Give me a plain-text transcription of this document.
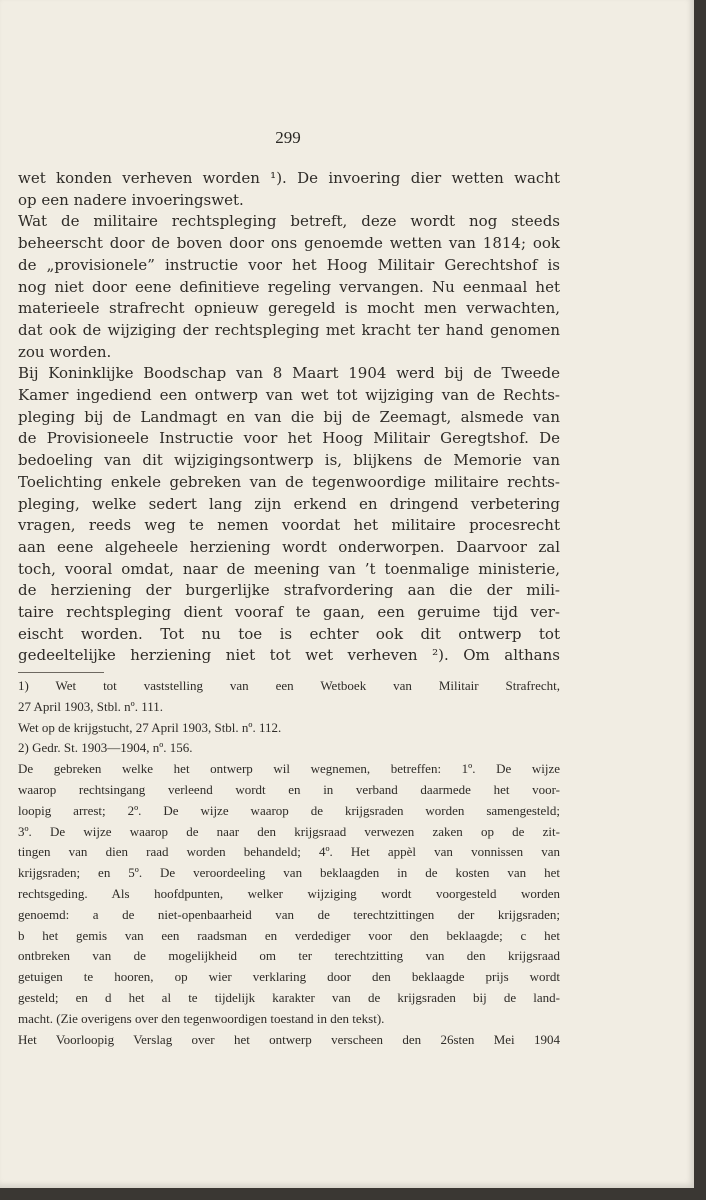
299
wet konden verheven worden ¹). De invoering dier wetten wacht
op een nadere invoeringswet.
Wat de militaire rechtspleging betreft, deze wordt nog steeds
beheerscht door de boven door ons genoemde wetten van 1814; ook
de „provisionele” instructie voor het Hoog Militair Gerechtshof is
nog niet door eene definitieve regeling vervangen. Nu eenmaal het
materieele strafrecht opnieuw geregeld is mocht men verwachten,
dat ook de wijziging der rechtspleging met kracht ter hand genomen
zou worden.
Bij Koninklijke Boodschap van 8 Maart 1904 werd bij de Tweede
Kamer ingediend een ontwerp van wet tot wijziging van de Rechts-
pleging bij de Landmagt en van die bij de Zeemagt, alsmede van
de Provisioneele Instructie voor het Hoog Militair Geregtshof. De
bedoeling van dit wijzigingsontwerp is, blijkens de Memorie van
Toelichting enkele gebreken van de tegenwoordige militaire rechts-
pleging, welke sedert lang zijn erkend en dringend verbetering
vragen, reeds weg te nemen voordat het militaire procesrecht
aan eene algeheele herziening wordt onderworpen. Daarvoor zal
toch, vooral omdat, naar de meening van ’t toenmalige ministerie,
de herziening der burgerlijke strafvordering aan die der mili-
taire rechtspleging dient vooraf te gaan, een geruime tijd ver-
eischt worden. Tot nu toe is echter ook dit ontwerp tot
gedeeltelijke herziening niet tot wet verheven ²). Om althans
1) Wet tot vaststelling van een Wetboek van Militair Strafrecht,
27 April 1903, Stbl. nº. 111.
Wet op de krijgstucht, 27 April 1903, Stbl. nº. 112.
2) Gedr. St. 1903—1904, nº. 156.
De gebreken welke het ontwerp wil wegnemen, betreffen: 1º. De wijze
waarop rechtsingang verleend wordt en in verband daarmede het voor-
loopig arrest; 2º. De wijze waarop de krijgsraden worden samengesteld;
3º. De wijze waarop de naar den krijgsraad verwezen zaken op de zit-
tingen van dien raad worden behandeld; 4º. Het appèl van vonnissen van
krijgsraden; en 5º. De veroordeeling van beklaagden in de kosten van het
rechtsgeding. Als hoofdpunten, welker wijziging wordt voorgesteld worden
genoemd: a de niet-openbaarheid van de terechtzittingen der krijgsraden;
b het gemis van een raadsman en verdediger voor den beklaagde; c het
ontbreken van de mogelijkheid om ter terechtzitting van den krijgsraad
getuigen te hooren, op wier verklaring door den beklaagde prijs wordt
gesteld; en d het al te tijdelijk karakter van de krijgsraden bij de land-
macht. (Zie overigens over den tegenwoordigen toestand in den tekst).
Het Voorloopig Verslag over het ontwerp verscheen den 26sten Mei 1904
